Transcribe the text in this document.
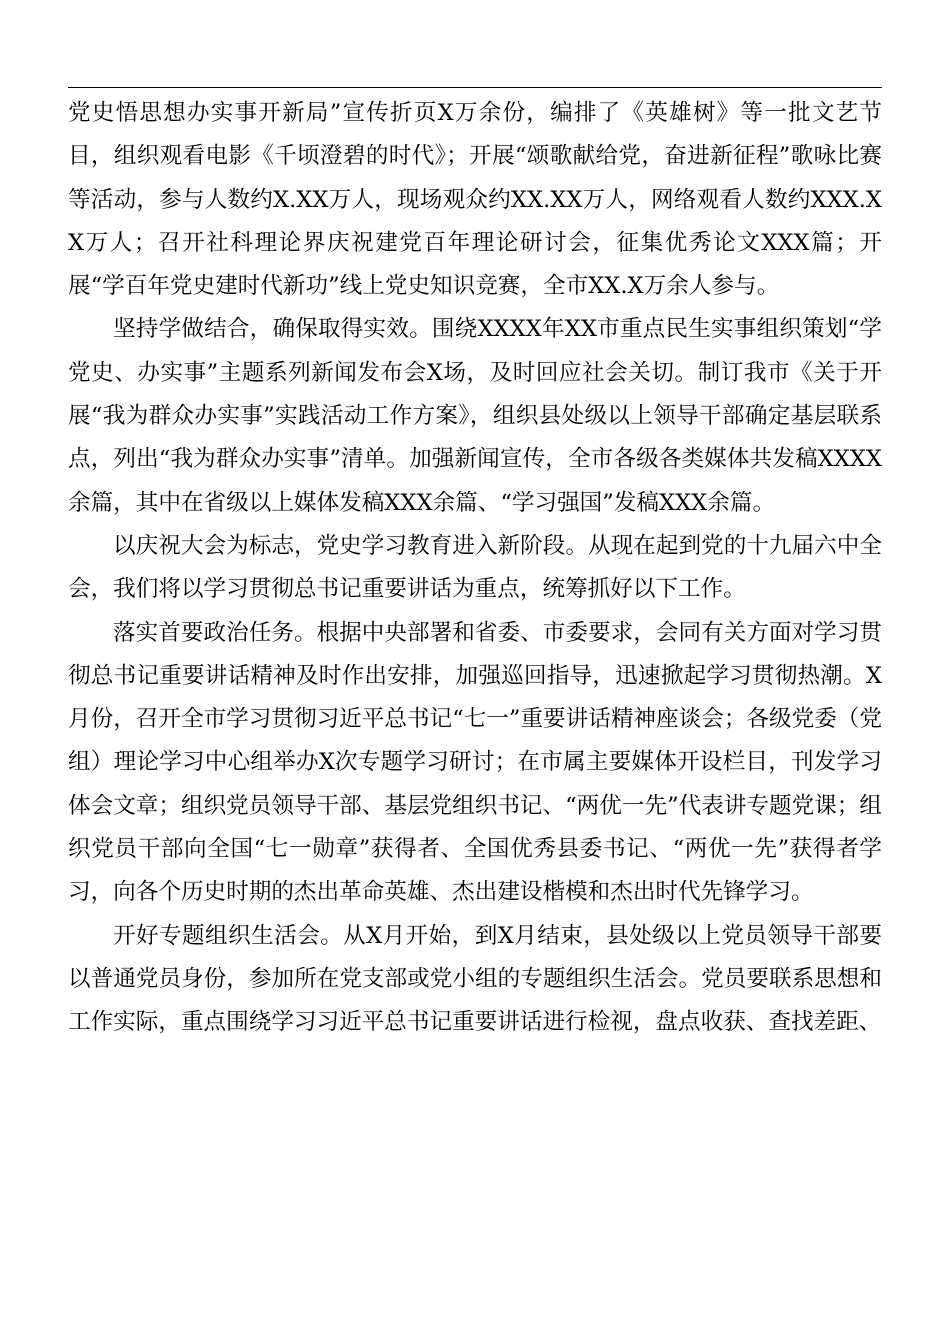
党史悟思想办实事开新局”宣传折页X万余份，编排了《英雄树》等一批文艺节目，组织观看电影《千顷澄碧的时代》；开展“颂歌献给党，奋进新征程”歌咏比赛等活动，参与人数约X.XX万人，现场观众约XX.XX万人，网络观看人数约XXX.XX万人；召开社科理论界庆祝建党百年理论研讨会，征集优秀论文XXX篇；开展“学百年党史建时代新功”线上党史知识竞赛，全市XX.X万余人参与。

坚持学做结合，确保取得实效。围绕XXXX年XX市重点民生实事组织策划“学党史、办实事”主题系列新闻发布会X场，及时回应社会关切。制订我市《关于开展“我为群众办实事”实践活动工作方案》，组织县处级以上领导干部确定基层联系点，列出“我为群众办实事”清单。加强新闻宣传，全市各级各类媒体共发稿XXXX余篇，其中在省级以上媒体发稿XXX余篇、“学习强国”发稿XXX余篇。

以庆祝大会为标志，党史学习教育进入新阶段。从现在起到党的十九届六中全会，我们将以学习贯彻总书记重要讲话为重点，统筹抓好以下工作。

落实首要政治任务。根据中央部署和省委、市委要求，会同有关方面对学习贯彻总书记重要讲话精神及时作出安排，加强巡回指导，迅速掀起学习贯彻热潮。X月份，召开全市学习贯彻习近平总书记“七一”重要讲话精神座谈会；各级党委（党组）理论学习中心组举办X次专题学习研讨；在市属主要媒体开设栏目，刊发学习体会文章；组织党员领导干部、基层党组织书记、“两优一先”代表讲专题党课；组织党员干部向全国“七一勋章”获得者、全国优秀县委书记、“两优一先”获得者学习，向各个历史时期的杰出革命英雄、杰出建设楷模和杰出时代先锋学习。

开好专题组织生活会。从X月开始，到X月结束，县处级以上党员领导干部要以普通党员身份，参加所在党支部或党小组的专题组织生活会。党员要联系思想和工作实际，重点围绕学习习近平总书记重要讲话进行检视，盘点收获、查找差距、
